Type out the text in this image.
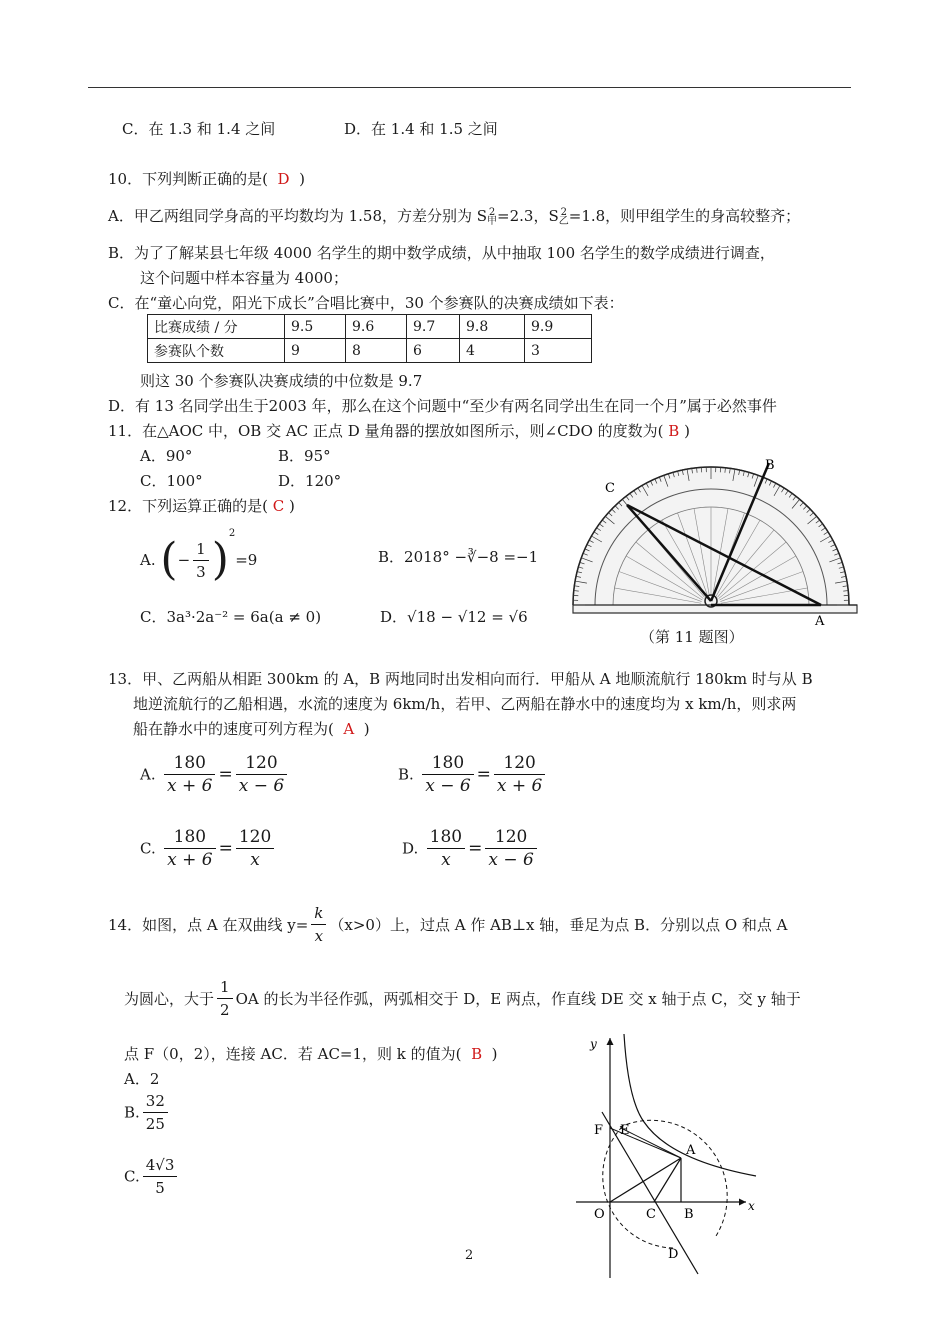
C．在 1.3 和 1.4 之间	D．在 1.4 和 1.5 之间
10．下列判断正确的是( D )
A．甲乙两组同学身高的平均数均为 1.58，方差分别为 S 2
甲=2.3，S 2
乙=1.8，则甲组学生的身高较整齐；
B．为了了解某县七年级 4000 名学生的期中数学成绩，从中抽取 100 名学生的数学成绩进行调查，
这个问题中样本容量为 4000；
C．在“童心向党，阳光下成长”合唱比赛中，30 个参赛队的决赛成绩如下表：
比赛成绩 / 分	9.5	9.6	9.7	9.8	9.9
参赛队个数	9	8	6	4	3
则这 30 个参赛队决赛成绩的中位数是 9.7
D．有 13 名同学出生于2003 年，那么在这个问题中“至少有两名同学出生在同一个月”属于必然事件
11．在△AOC 中，OB 交 AC 正点 D 量角器的摆放如图所示，则∠CDO 的度数为( B )
A．90°	B．95°
C．100°	D．120°	C
B
A
（第 11 题图）
12．下列运算正确的是( C )
A. (− $\frac{1}{3} )^2=9$	B．2018° −∛−8 =−1
C．3a³·2a⁻² = 6a(a ≠ 0)	D．√18 − √12 = √6
13．甲、乙两船从相距 300km 的 A，B 两地同时出发相向而行．甲船从 A 地顺流航行 180km 时与从 B
地逆流航行的乙船相遇，水流的速度为 6km/h，若甲、乙两船在静水中的速度均为 x km/h，则求两
船在静水中的速度可列方程为( A )
A. $\frac{180}{x + 6} = \frac{120}{x - 6}$	B. $\frac{180}{x - 6} = \frac{120}{x + 6}$
C. $\frac{180}{x + 6} = \frac{120}{x}$	D. $\frac{180}{x} = \frac{120}{x - 6}$
14．如图，点 A 在双曲线 $y= \frac{k}{x} (x>0)$上，过点 A 作 AB⊥x 轴，垂足为点 B．分别以点 O 和点 A
为圆心，大于 $\frac{1}{2}$ OA 的长为半径作弧，两弧相交于 D，E 两点，作直线 DE 交 x 轴于点 C，交 y 轴于
点 F（0，2），连接 AC．若 AC=1，则 k 的值为( B )
A．2
B. $\frac{32}{25}$
C. $\frac{4√3}{5}$
y
x
O
F E
A
C B
D
2
